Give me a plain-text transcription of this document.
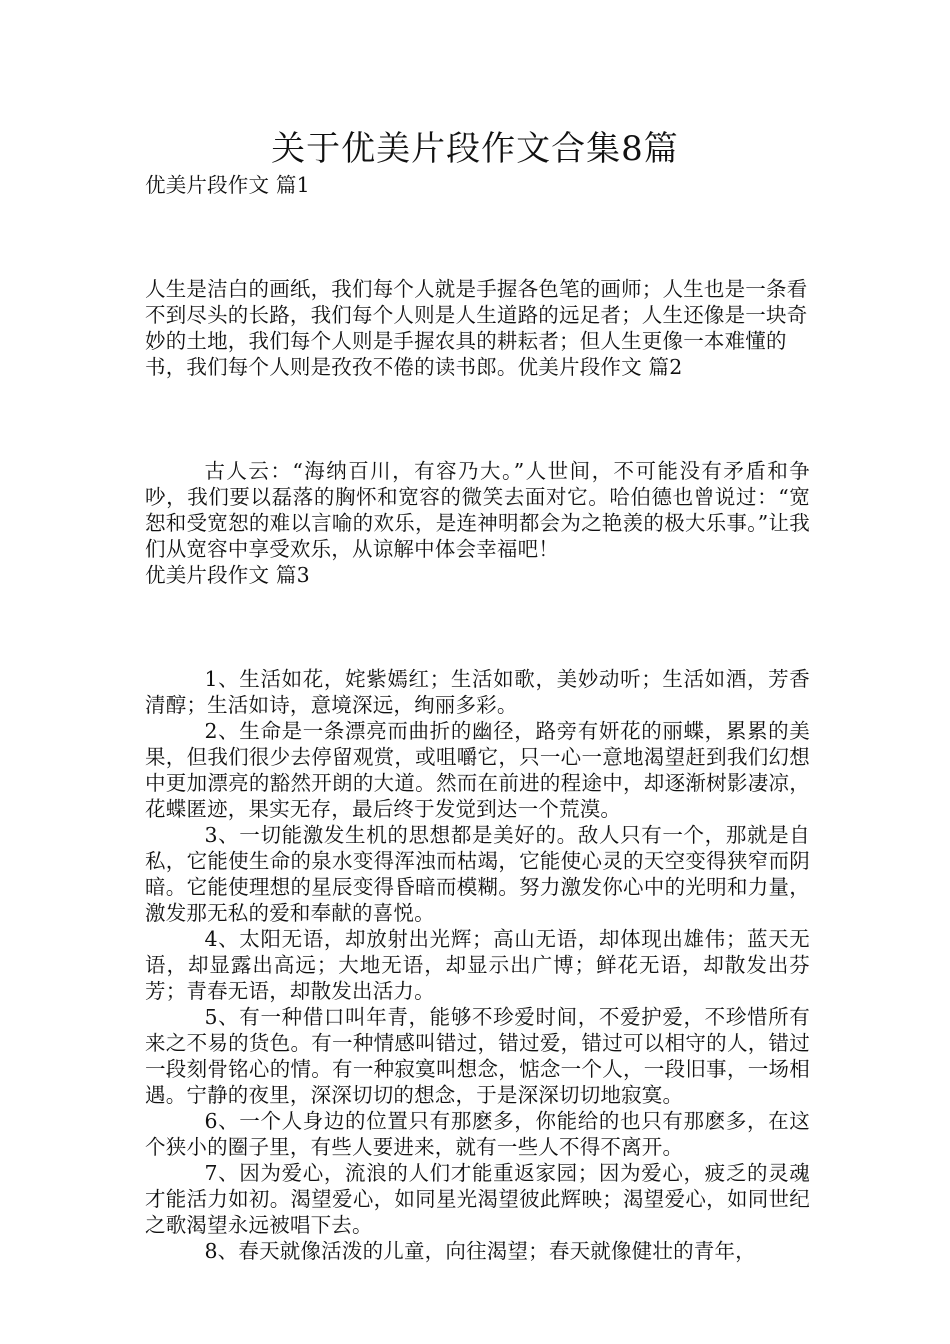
关于优美片段作文合集8篇
优美片段作文 篇1

人生是洁白的画纸，我们每个人就是手握各色笔的画师；人生也是一条看不到尽头的长路，我们每个人则是人生道路的远足者；人生还像是一块奇妙的土地，我们每个人则是手握农具的耕耘者；但人生更像一本难懂的书，我们每个人则是孜孜不倦的读书郎。

优美片段作文 篇2

古人云：“海纳百川，有容乃大。”人世间，不可能没有矛盾和争吵，我们要以磊落的胸怀和宽容的微笑去面对它。哈伯德也曾说过：“宽恕和受宽恕的难以言喻的欢乐，是连神明都会为之艳羡的极大乐事。”让我们从宽容中享受欢乐，从谅解中体会幸福吧！

优美片段作文 篇3

1、生活如花，姹紫嫣红；生活如歌，美妙动听；生活如酒，芳香清醇；生活如诗，意境深远，绚丽多彩。

2、生命是一条漂亮而曲折的幽径，路旁有妍花的丽蝶，累累的美果，但我们很少去停留观赏，或咀嚼它，只一心一意地渴望赶到我们幻想中更加漂亮的豁然开朗的大道。然而在前进的程途中，却逐渐树影凄凉，花蝶匿迹，果实无存，最后终于发觉到达一个荒漠。

3、一切能激发生机的思想都是美好的。敌人只有一个，那就是自私，它能使生命的泉水变得浑浊而枯竭，它能使心灵的天空变得狭窄而阴暗。它能使理想的星辰变得昏暗而模糊。努力激发你心中的光明和力量，激发那无私的爱和奉献的喜悦。

4、太阳无语，却放射出光辉；高山无语，却体现出雄伟；蓝天无语，却显露出高远；大地无语，却显示出广博；鲜花无语，却散发出芬芳；青春无语，却散发出活力。

5、有一种借口叫年青，能够不珍爱时间，不爱护爱，不珍惜所有来之不易的货色。有一种情感叫错过，错过爱，错过可以相守的人，错过一段刻骨铭心的情。有一种寂寞叫想念，惦念一个人，一段旧事，一场相遇。宁静的夜里，深深切切的想念，于是深深切切地寂寞。

6、一个人身边的位置只有那麽多，你能给的也只有那麽多，在这个狭小的圈子里，有些人要进来，就有一些人不得不离开。

7、因为爱心，流浪的人们才能重返家园；因为爱心，疲乏的灵魂才能活力如初。渴望爱心，如同星光渴望彼此辉映；渴望爱心，如同世纪之歌渴望永远被唱下去。

8、春天就像活泼的儿童，向往渴望；春天就像健壮的青年，
